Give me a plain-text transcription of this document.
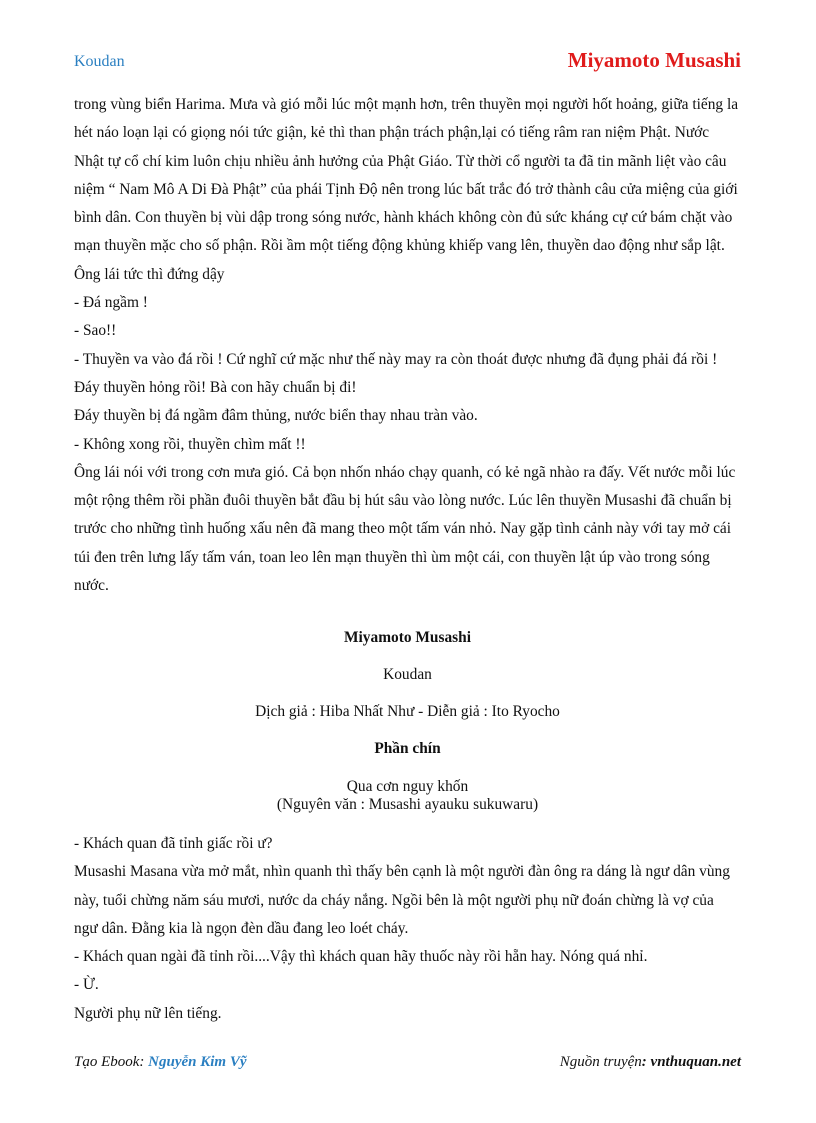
Koudan	Miyamoto Musashi

trong vùng biển Harima. Mưa và gió mỗi lúc một mạnh hơn, trên thuyền mọi người hốt hoảng, giữa tiếng la hét náo loạn lại có giọng nói tức giận, kẻ thì than phận trách phận,lại có tiếng râm ran niệm Phật. Nước Nhật tự cổ chí kim luôn chịu nhiều ảnh hưởng của Phật Giáo. Từ thời cổ người ta đã tin mãnh liệt vào câu niệm “ Nam Mô A Di Đà Phật” của phái Tịnh Độ nên trong lúc bất trắc đó trở thành câu cửa miệng của giới bình dân. Con thuyền bị vùi dập trong sóng nước, hành khách không còn đủ sức kháng cự cứ bám chặt vào mạn thuyền mặc cho số phận. Rồi ầm một tiếng động khủng khiếp vang lên, thuyền dao động như sắp lật. Ông lái tức thì đứng dậy

- Đá ngầm !

- Sao!!

- Thuyền va vào đá rồi ! Cứ nghĩ cứ mặc như thế này may ra còn thoát được nhưng đã đụng phải đá rồi ! Đáy thuyền hỏng rồi! Bà con hãy chuẩn bị đi!

Đáy thuyền bị đá ngầm đâm thủng, nước biển thay nhau tràn vào.

- Không xong rồi, thuyền chìm mất !!

Ông lái nói với trong cơn mưa gió. Cả bọn nhốn nháo chạy quanh, có kẻ ngã nhào ra đấy. Vết nước mỗi lúc một rộng thêm rồi phần đuôi thuyền bắt đầu bị hút sâu vào lòng nước. Lúc lên thuyền Musashi đã chuẩn bị trước cho những tình huống xấu nên đã mang theo một tấm ván nhỏ. Nay gặp tình cảnh này với tay mở cái túi đen trên lưng lấy tấm ván, toan leo lên mạn thuyền thì ùm một cái, con thuyền lật úp vào trong sóng nước.

Miyamoto Musashi
Koudan
Dịch giả : Hiba Nhất Như - Diễn giả : Ito Ryocho
Phần chín
Qua cơn nguy khốn
(Nguyên văn : Musashi ayauku sukuwaru)

- Khách quan đã tỉnh giấc rồi ư?

Musashi Masana vừa mở mắt, nhìn quanh thì thấy bên cạnh là một người đàn ông ra dáng là ngư dân vùng này, tuổi chừng năm sáu mươi, nước da cháy nắng. Ngồi bên là một người phụ nữ đoán chừng là vợ của ngư dân. Đằng kia là ngọn đèn dầu đang leo loét cháy.

- Khách quan ngài đã tỉnh rồi....Vậy thì khách quan hãy thuốc này rồi hẵn hay. Nóng quá nhỉ.

- Ừ.

Người phụ nữ lên tiếng.

Tạo Ebook: Nguyễn Kim Vỹ	Nguồn truyện: vnthuquan.net
